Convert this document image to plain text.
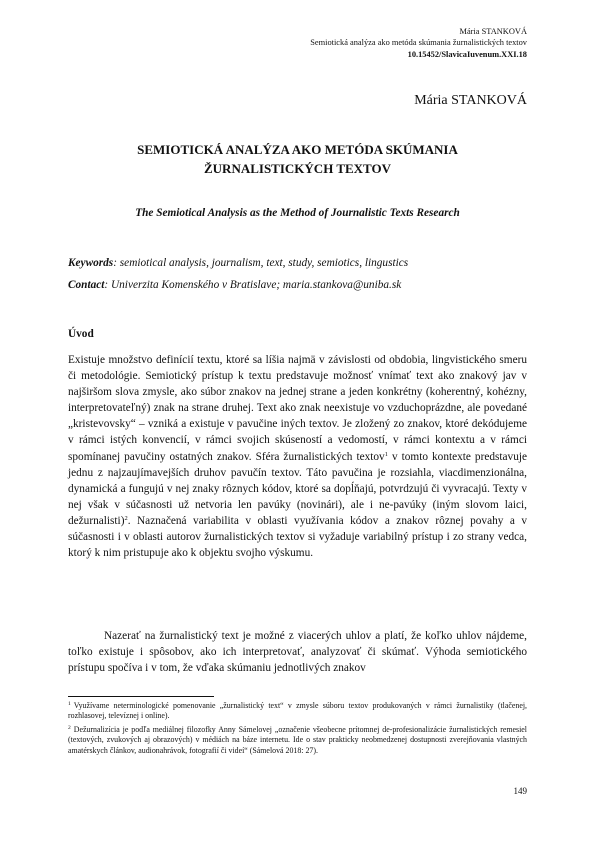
Mária STANKOVÁ
Semiotická analýza ako metóda skúmania žurnalistických textov
10.15452/SlavicaIuvenum.XXI.18
Mária STANKOVÁ
SEMIOTICKÁ ANALÝZA AKO METÓDA SKÚMANIA
ŽURNALISTICKÝCH TEXTOV
The Semiotical Analysis as the Method of Journalistic Texts Research
Keywords: semiotical analysis, journalism, text, study, semiotics, lingustics
Contact: Univerzita Komenského v Bratislave; maria.stankova@uniba.sk
Úvod
Existuje množstvo definícií textu, ktoré sa líšia najmä v závislosti od obdobia, lingvistického smeru či metodológie. Semiotický prístup k textu predstavuje možnosť vnímať text ako znakový jav v najširšom slova zmysle, ako súbor znakov na jednej strane a jeden konkrétny (koherentný, kohézny, interpretovateľný) znak na strane druhej. Text ako znak neexistuje vo vzduchoprázdne, ale povedané „kristevovsky“ – vzniká a existuje v pavučine iných textov. Je zložený zo znakov, ktoré dekódujeme v rámci istých konvencií, v rámci svojich skúseností a vedomostí, v rámci kontextu a v rámci spomínanej pavučiny ostatných znakov. Sféra žurnalistických textov$^1$ v tomto kontexte predstavuje jednu z najzaujímavejších druhov pavučín textov. Táto pavučina je rozsiahla, viacdimenzionálna, dynamická a fungujú v nej znaky rôznych kódov, ktoré sa dopĺňajú, potvrdzujú či vyvracajú. Texty v nej však v súčasnosti už netvoria len pavúky (novinári), ale i ne-pavúky (iným slovom laici, dežurnalisti)$^2$. Naznačená variabilita v oblasti využívania kódov a znakov rôznej povahy a v súčasnosti i v oblasti autorov žurnalistických textov si vyžaduje variabilný prístup i zo strany vedca, ktorý k nim pristupuje ako k objektu svojho výskumu.
Nazerať na žurnalistický text je možné z viacerých uhlov a platí, že koľko uhlov nájdeme, toľko existuje i spôsobov, ako ich interpretovať, analyzovať či skúmať. Výhoda semiotického prístupu spočíva i v tom, že vďaka skúmaniu jednotlivých znakov
$^1$ Využívame neterminologické pomenovanie „žurnalistický text“ v zmysle súboru textov produkovaných v rámci žurnalistiky (tlačenej, rozhlasovej, televíznej i online).
$^2$ Dežurnalizícia je podľa mediálnej filozofky Anny Sámelovej „označenie všeobecne prítomnej de-profesionalizácie žurnalistických remesiel (textových, zvukových aj obrazových) v médiách na báze internetu. Ide o stav prakticky neobmedzenej dostupnosti zverejňovania vlastných amatérskych článkov, audionahrávok, fotografií či videí“ (Sámelová 2018: 27).
149
